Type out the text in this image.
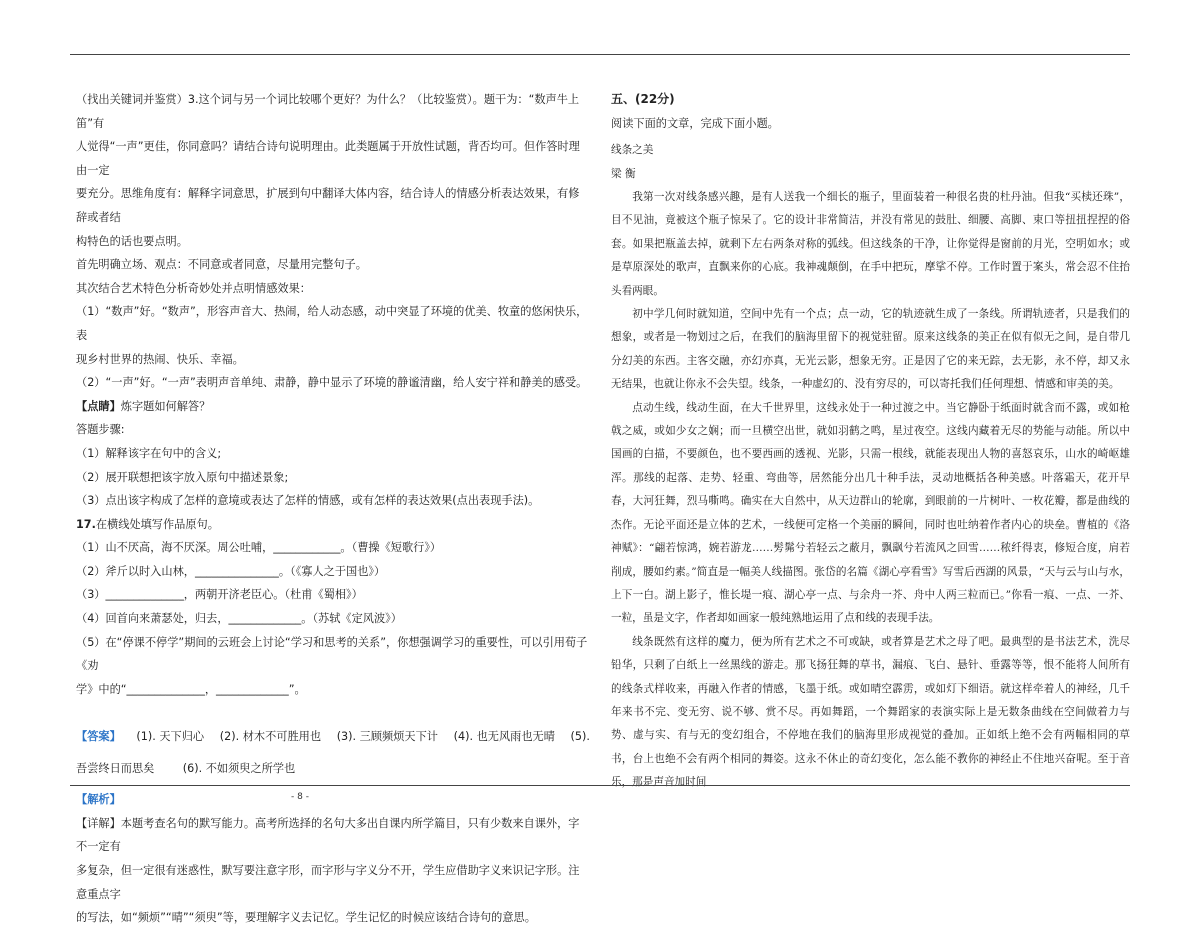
（找出关键词并鉴赏）3.这个词与另一个词比较哪个更好？为什么？（比较鉴赏）。题干为：“数声牛上笛”有

人觉得“一声”更佳，你同意吗？请结合诗句说明理由。此类题属于开放性试题，背否均可。但作答时理由一定

要充分。思维角度有：解释字词意思，扩展到句中翻译大体内容，结合诗人的情感分析表达效果，有修辞或者结

构特色的话也要点明。

首先明确立场、观点：不同意或者同意，尽量用完整句子。

其次结合艺术特色分析奇妙处并点明情感效果：

（1）“数声”好。“数声”，形容声音大、热闹，给人动态感，动中突显了环境的优美、牧童的悠闲快乐，表

现乡村世界的热闹、快乐、幸福。

（2）“一声”好。“一声”表明声音单纯、肃静，静中显示了环境的静谧清幽，给人安宁祥和静美的感受。

【点睛】炼字题如何解答？

答题步骤:

（1）解释该字在句中的含义;

（2）展开联想把该字放入原句中描述景象;

（3）点出该字构成了怎样的意境或表达了怎样的情感，或有怎样的表达效果(点出表现手法)。

17.在横线处填写作品原句。

（1）山不厌高，海不厌深。周公吐哺，____________。（曹操《短歌行》）

（2）斧斤以时入山林，_______________。（《寡人之于国也》）

（3）______________，两朝开济老臣心。（杜甫《蜀相》）

（4）回首向来萧瑟处，归去，_____________。（苏轼《定风波》）

（5）在“停课不停学”期间的云班会上讨论“学习和思考的关系”，你想强调学习的重要性，可以引用荀子《劝

学》中的“______________，_____________”。

【答案】 (1). 天下归心 (2). 材木不可胜用也 (3). 三顾频烦天下计 (4). 也无风雨也无晴 (5).

吾尝终日而思矣        (6). 不如须臾之所学也

【解析】

【详解】本题考查名句的默写能力。高考所选择的名句大多出自课内所学篇目，只有少数来自课外，字不一定有

多复杂，但一定很有迷惑性，默写要注意字形，而字形与字义分不开，学生应借助字义来识记字形。注意重点字

的写法，如“频烦”“晴”“须臾”等，要理解字义去记忆。学生记忆的时候应该结合诗句的意思。

五、(22分)

阅读下面的文章，完成下面小题。

线条之美

梁 衡

我第一次对线条感兴趣，是有人送我一个细长的瓶子，里面装着一种很名贵的杜丹油。但我“买椟还珠”，目不见油，竟被这个瓶子惊呆了。它的设计非常简洁，并没有常见的鼓肚、细腰、高脚、束口等扭扭捏捏的俗套。如果把瓶盖去掉，就剩下左右两条对称的弧线。但这线条的干净，让你觉得是窗前的月光，空明如水；或是草原深处的歌声，直飘来你的心底。我神魂颠倒，在手中把玩，摩挲不停。工作时置于案头，常会忍不住抬头看两眼。

初中学几何时就知道，空间中先有一个点；点一动，它的轨迹就生成了一条线。所谓轨迹者，只是我们的想象，或者是一物划过之后，在我们的脑海里留下的视觉驻留。原来这线条的美正在似有似无之间，是自带几分幻美的东西。主客交融，亦幻亦真，无光云影，想象无穷。正是因了它的来无踪，去无影，永不停，却又永无结果，也就让你永不会失望。线条，一种虚幻的、没有穷尽的，可以寄托我们任何理想、情感和审美的美。

点动生线，线动生面，在大千世界里，这线永处于一种过渡之中。当它静卧于纸面时就含而不露，或如枪戟之威，或如少女之娴；而一旦横空出世，就如羽鹤之鸣，星过夜空。这线内藏着无尽的势能与动能。所以中国画的白描，不要颜色，也不要西画的透视、光影，只需一根线，就能表现出人物的喜怒哀乐，山水的崎岖雄浑。那线的起落、走势、轻重、弯曲等，居然能分出几十种手法，灵动地概括各种美感。叶落霜天，花开早春，大河狂舞，烈马嘶鸣。确实在大自然中，从天边群山的轮廓，到眼前的一片树叶、一枚花瓣，都是曲线的杰作。无论平面还是立体的艺术，一线便可定格一个美丽的瞬间，同时也吐纳着作者内心的块垒。曹植的《洛神赋》：“翩若惊鸿，婉若游龙……髣髴兮若轻云之蔽月，飘飖兮若流风之回雪……秾纤得衷，修短合度，肩若削成，腰如约素。”简直是一幅美人线描图。张岱的名篇《湖心亭看雪》写雪后西湖的风景，“天与云与山与水，上下一白。湖上影子，惟长堤一痕、湖心亭一点、与余舟一芥、舟中人两三粒而已。”你看一痕、一点、一芥、一粒，虽是文字，作者却如画家一般纯熟地运用了点和线的表现手法。

线条既然有这样的魔力，便为所有艺术之不可或缺，或者算是艺术之母了吧。最典型的是书法艺术，洗尽铅华，只剩了白纸上一丝黑线的游走。那飞扬狂舞的草书，漏痕、飞白、悬针、垂露等等，恨不能将人间所有的线条式样收来，再融入作者的情感，飞墨于纸。或如晴空霹雳，或如灯下细语。就这样牵着人的神经，几千年来书不完、变无穷、说不够、赏不尽。再如舞蹈，一个舞蹈家的表演实际上是无数条曲线在空间做着力与势、虚与实、有与无的变幻组合，不停地在我们的脑海里形成视觉的叠加。正如纸上绝不会有两幅相同的草书，台上也绝不会有两个相同的舞姿。这永不休止的奇幻变化，怎么能不教你的神经止不住地兴奋呢。至于音乐，那是声音加时间

- 8 -
